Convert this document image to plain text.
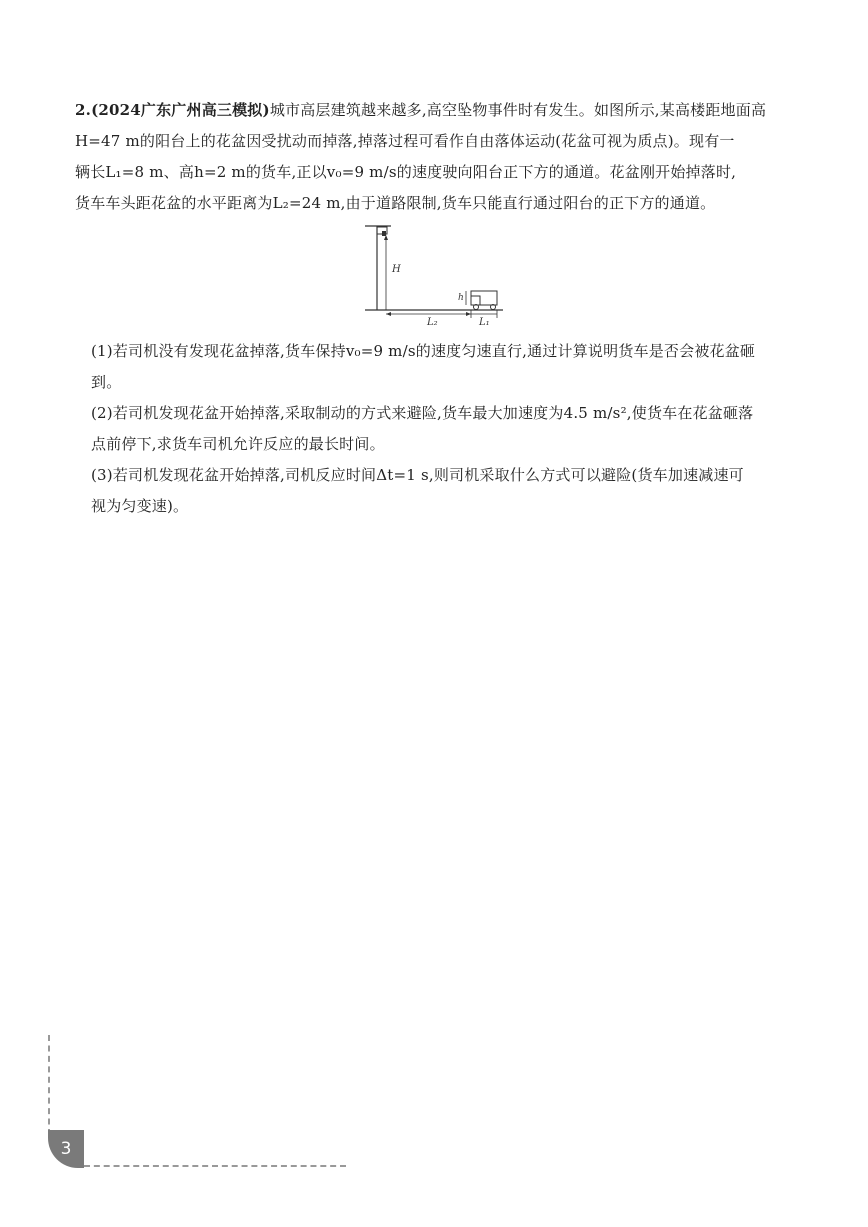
2.(2024广东广州高三模拟)城市高层建筑越来越多,高空坠物事件时有发生。如图所示,某高楼距地面高

H=47 m的阳台上的花盆因受扰动而掉落,掉落过程可看作自由落体运动(花盆可视为质点)。现有一

辆长L₁=8 m、高h=2 m的货车,正以v₀=9 m/s的速度驶向阳台正下方的通道。花盆刚开始掉落时,

货车车头距花盆的水平距离为L₂=24 m,由于道路限制,货车只能直行通过阳台的正下方的通道。

H
h
L₂	L₁

(1)若司机没有发现花盆掉落,货车保持v₀=9 m/s的速度匀速直行,通过计算说明货车是否会被花盆砸

到。

(2)若司机发现花盆开始掉落,采取制动的方式来避险,货车最大加速度为4.5 m/s²,使货车在花盆砸落

点前停下,求货车司机允许反应的最长时间。

(3)若司机发现花盆开始掉落,司机反应时间Δt=1 s,则司机采取什么方式可以避险(货车加速减速可

视为匀变速)。

3
